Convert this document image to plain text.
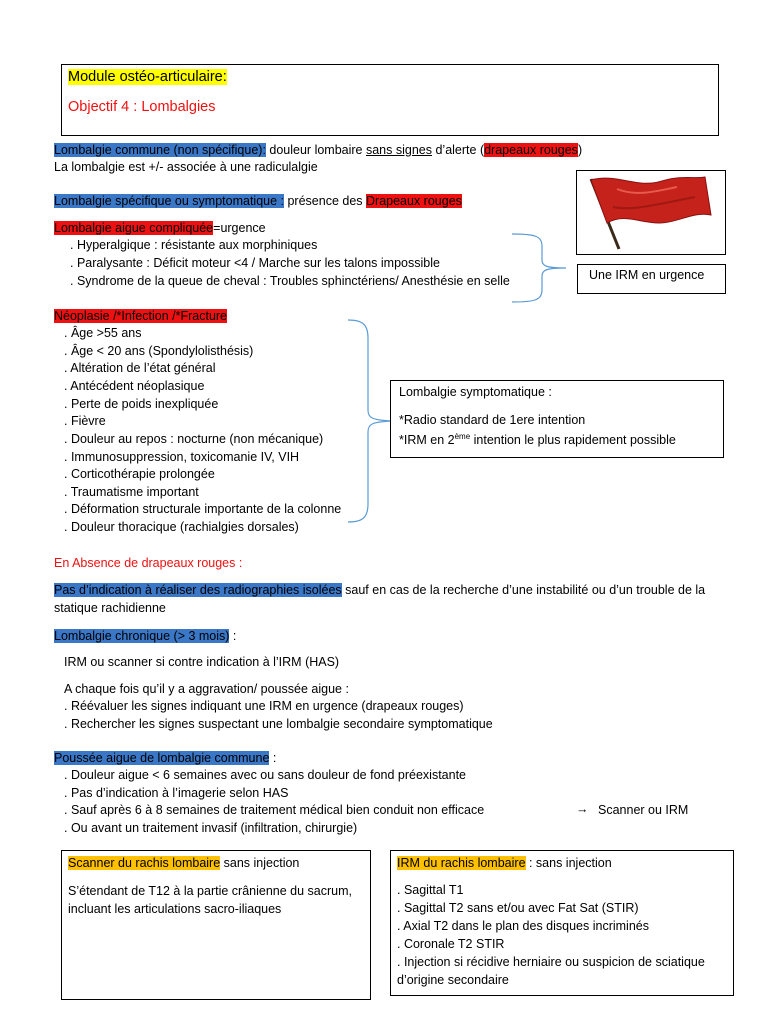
Module ostéo-articulaire:
Objectif 4 : Lombalgies
Lombalgie commune (non spécifique): douleur lombaire sans signes d’alerte (drapeaux rouges)
La lombalgie est +/- associée à une radiculalgie
Lombalgie spécifique ou symptomatique : présence des Drapeaux rouges
Lombalgie aigue compliquée=urgence
. Hyperalgique : résistante aux morphiniques
. Paralysante : Déficit moteur <4 / Marche sur les talons impossible
. Syndrome de la queue de cheval : Troubles sphinctériens/ Anesthésie en selle	Une IRM en urgence
Néoplasie /*Infection /*Fracture
. Âge >55 ans
. Âge < 20 ans (Spondylolisthésis)
. Altération de l’état général
. Antécédent néoplasique
. Perte de poids inexpliquée
. Fièvre
. Douleur au repos : nocturne (non mécanique)
. Immunosuppression, toxicomanie IV, VIH
. Corticothérapie prolongée
. Traumatisme important
. Déformation structurale importante de la colonne
. Douleur thoracique (rachialgies dorsales)
Lombalgie symptomatique :
*Radio standard de 1ere intention
*IRM en 2ème intention le plus rapidement possible
En Absence de drapeaux rouges :
Pas d’indication à réaliser des radiographies isolées sauf en cas de la recherche d’une instabilité ou d’un trouble de la
statique rachidienne
Lombalgie chronique (> 3 mois) :
IRM ou scanner si contre indication à l’IRM (HAS)
A chaque fois qu’il y a aggravation/ poussée aigue :
. Réévaluer les signes indiquant une IRM en urgence (drapeaux rouges)
. Rechercher les signes suspectant une lombalgie secondaire symptomatique
Poussée aigue de lombalgie commune :
. Douleur aigue < 6 semaines avec ou sans douleur de fond préexistante
. Pas d’indication à l’imagerie selon HAS
. Sauf après 6 à 8 semaines de traitement médical bien conduit non efficace
. Ou avant un traitement invasif (infiltration, chirurgie)
→ Scanner ou IRM
Scanner du rachis lombaire sans injection
S’étendant de T12 à la partie crânienne du sacrum, incluant les articulations sacro-iliaques
IRM du rachis lombaire : sans injection
. Sagittal T1
. Sagittal T2 sans et/ou avec Fat Sat (STIR)
. Axial T2 dans le plan des disques incriminés
. Coronale T2 STIR
. Injection si récidive herniaire ou suspicion de sciatique d’origine secondaire
